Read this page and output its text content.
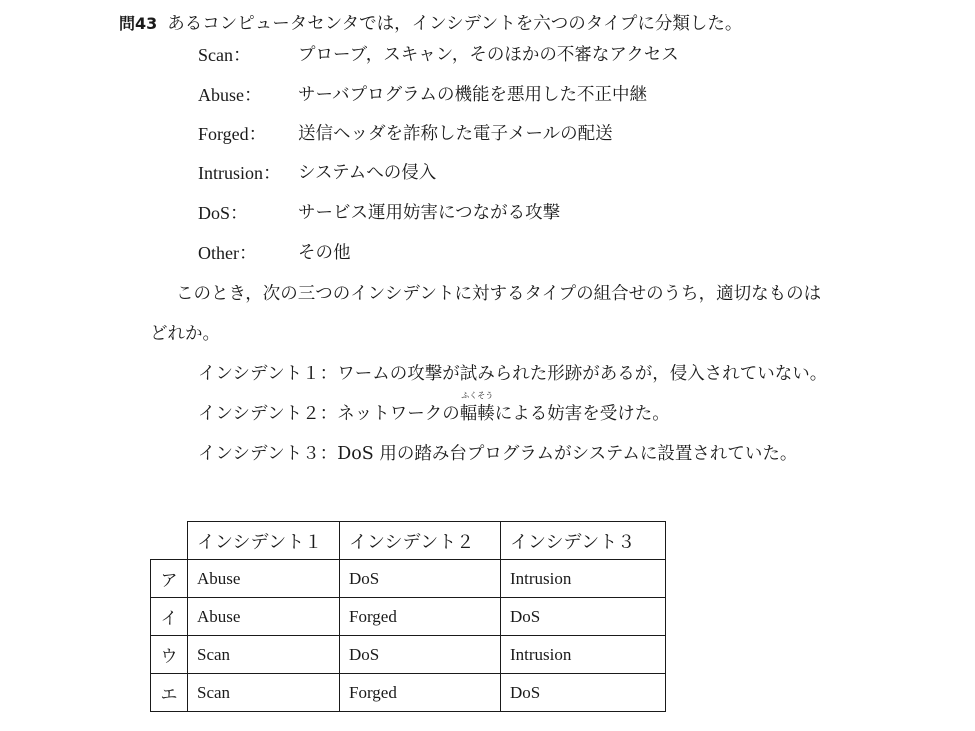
問43 あるコンピュータセンタでは，インシデントを六つのタイプに分類した。
Scan：	プローブ，スキャン，そのほかの不審なアクセス
Abuse： サーバプログラムの機能を悪用した不正中継
Forged： 送信ヘッダを詐称した電子メールの配送
Intrusion： システムへの侵入
DoS：	サービス運用妨害につながる攻撃
Other： その他
このとき，次の三つのインシデントに対するタイプの組合せのうち，適切なものは
どれか。
インシデント１：ワームの攻撃が試みられた形跡があるが，侵入されていない。
インシデント２：ネットワークの
ふくそう
輻輳による妨害を受けた。
インシデント３：DoS 用の踏み台プログラムがシステムに設置されていた。
	インシデント１	インシデント２	インシデント３
ア	Abuse	DoS	Intrusion
イ	Abuse	Forged	DoS
ウ	Scan	DoS	Intrusion
エ	Scan	Forged	DoS
